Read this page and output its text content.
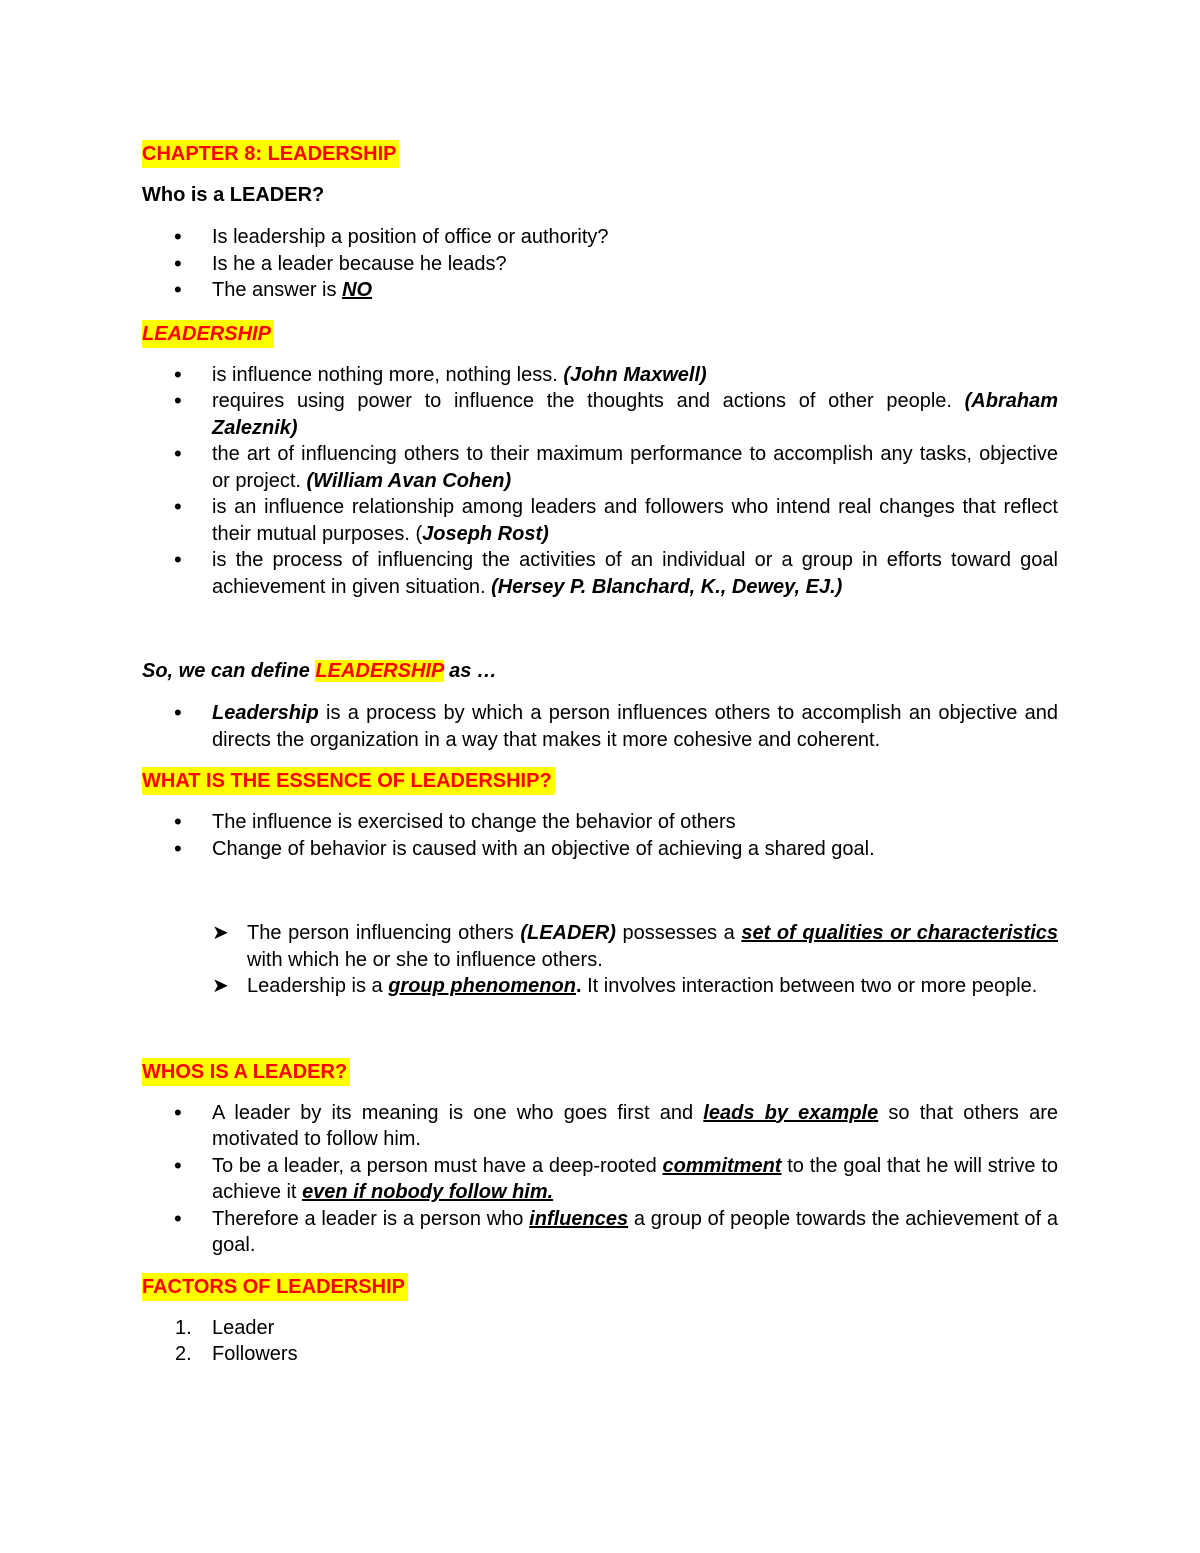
CHAPTER 8: LEADERSHIP
Who is a LEADER?
• Is leadership a position of office or authority?
• Is he a leader because he leads?
• The answer is NO
LEADERSHIP
• is influence nothing more, nothing less. (John Maxwell)
• requires using power to influence the thoughts and actions of other people. (Abraham Zaleznik)
• the art of influencing others to their maximum performance to accomplish any tasks, objective or project. (William Avan Cohen)
• is an influence relationship among leaders and followers who intend real changes that reflect their mutual purposes. (Joseph Rost)
• is the process of influencing the activities of an individual or a group in efforts toward goal achievement in given situation. (Hersey P. Blanchard, K., Dewey, EJ.)
So, we can define LEADERSHIP as …
• Leadership is a process by which a person influences others to accomplish an objective and directs the organization in a way that makes it more cohesive and coherent.
WHAT IS THE ESSENCE OF LEADERSHIP?
• The influence is exercised to change the behavior of others
• Change of behavior is caused with an objective of achieving a shared goal.
➤ The person influencing others (LEADER) possesses a set of qualities or characteristics with which he or she to influence others.
➤ Leadership is a group phenomenon. It involves interaction between two or more people.
WHOS IS A LEADER?
• A leader by its meaning is one who goes first and leads by example so that others are motivated to follow him.
• To be a leader, a person must have a deep-rooted commitment to the goal that he will strive to achieve it even if nobody follow him.
• Therefore a leader is a person who influences a group of people towards the achievement of a goal.
FACTORS OF LEADERSHIP
1. Leader
2. Followers
